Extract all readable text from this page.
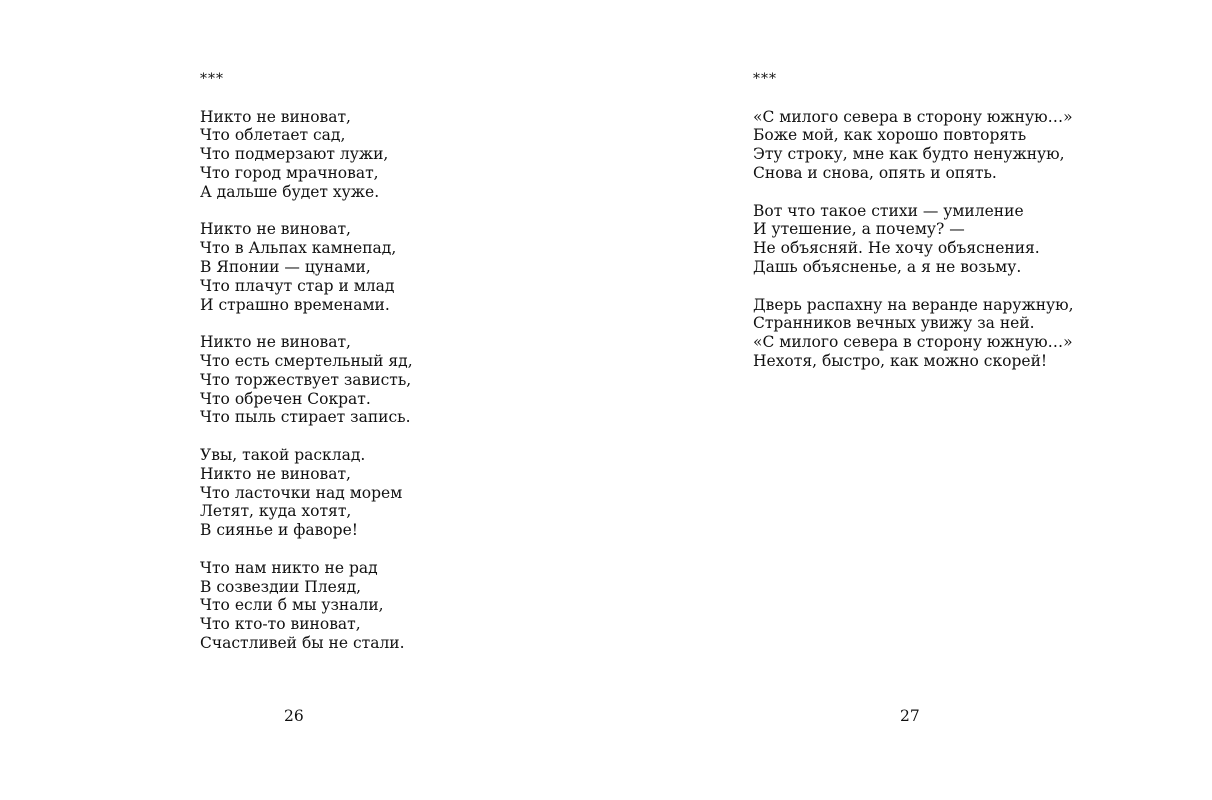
***
Никто не виноват,
Что облетает сад,
Что подмерзают лужи,
Что город мрачноват,
А дальше будет хуже.
Никто не виноват,
Что в Альпах камнепад,
В Японии — цунами,
Что плачут стар и млад
И страшно временами.
Никто не виноват,
Что есть смертельный яд,
Что торжествует зависть,
Что обречен Сократ.
Что пыль стирает запись.
Увы, такой расклад.
Никто не виноват,
Что ласточки над морем
Летят, куда хотят,
В сиянье и фаворе!
Что нам никто не рад
В созвездии Плеяд,
Что если б мы узнали,
Что кто-то виноват,
Счастливей бы не стали.
26
***
«С милого севера в сторону южную…»
Боже мой, как хорошо повторять
Эту строку, мне как будто ненужную,
Снова и снова, опять и опять.
Вот что такое стихи — умиление
И утешение, а почему? —
Не объясняй. Не хочу объяснения.
Дашь объясненье, а я не возьму.
Дверь распахну на веранде наружную,
Странников вечных увижу за ней.
«С милого севера в сторону южную…»
Нехотя, быстро, как можно скорей!
27
